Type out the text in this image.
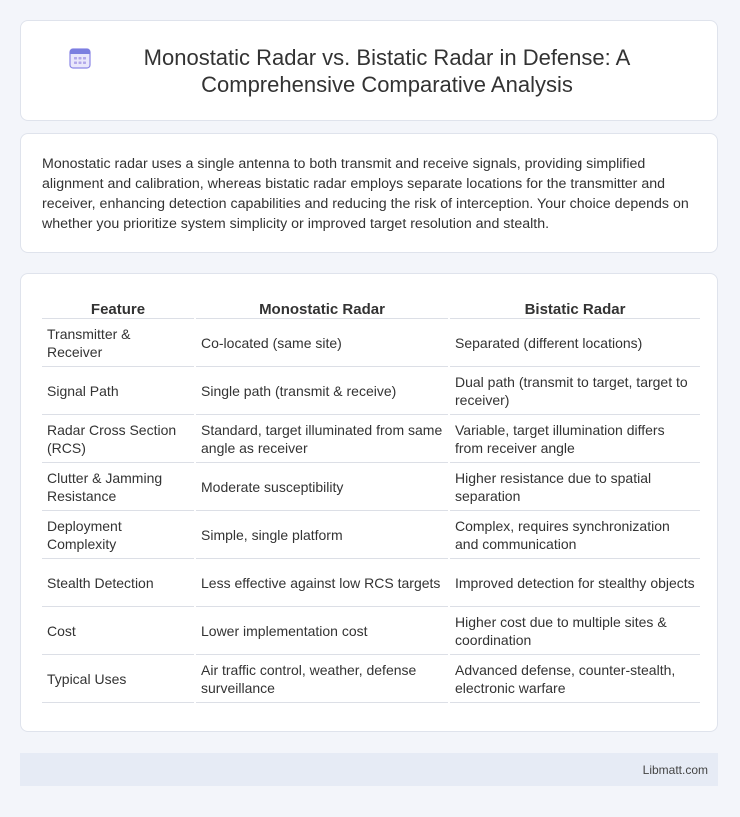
Monostatic Radar vs. Bistatic Radar in Defense: A Comprehensive Comparative Analysis

Monostatic radar uses a single antenna to both transmit and receive signals, providing simplified alignment and calibration, whereas bistatic radar employs separate locations for the transmitter and receiver, enhancing detection capabilities and reducing the risk of interception. Your choice depends on whether you prioritize system simplicity or improved target resolution and stealth.

Feature	Monostatic Radar	Bistatic Radar
Transmitter & Receiver	Co-located (same site)	Separated (different locations)
Signal Path	Single path (transmit & receive)	Dual path (transmit to target, target to receiver)
Radar Cross Section (RCS)	Standard, target illuminated from same angle as receiver	Variable, target illumination differs from receiver angle
Clutter & Jamming Resistance	Moderate susceptibility	Higher resistance due to spatial separation
Deployment Complexity	Simple, single platform	Complex, requires synchronization and communication
Stealth Detection	Less effective against low RCS targets	Improved detection for stealthy objects
Cost	Lower implementation cost	Higher cost due to multiple sites & coordination
Typical Uses	Air traffic control, weather, defense surveillance	Advanced defense, counter-stealth, electronic warfare
Libmatt.com
